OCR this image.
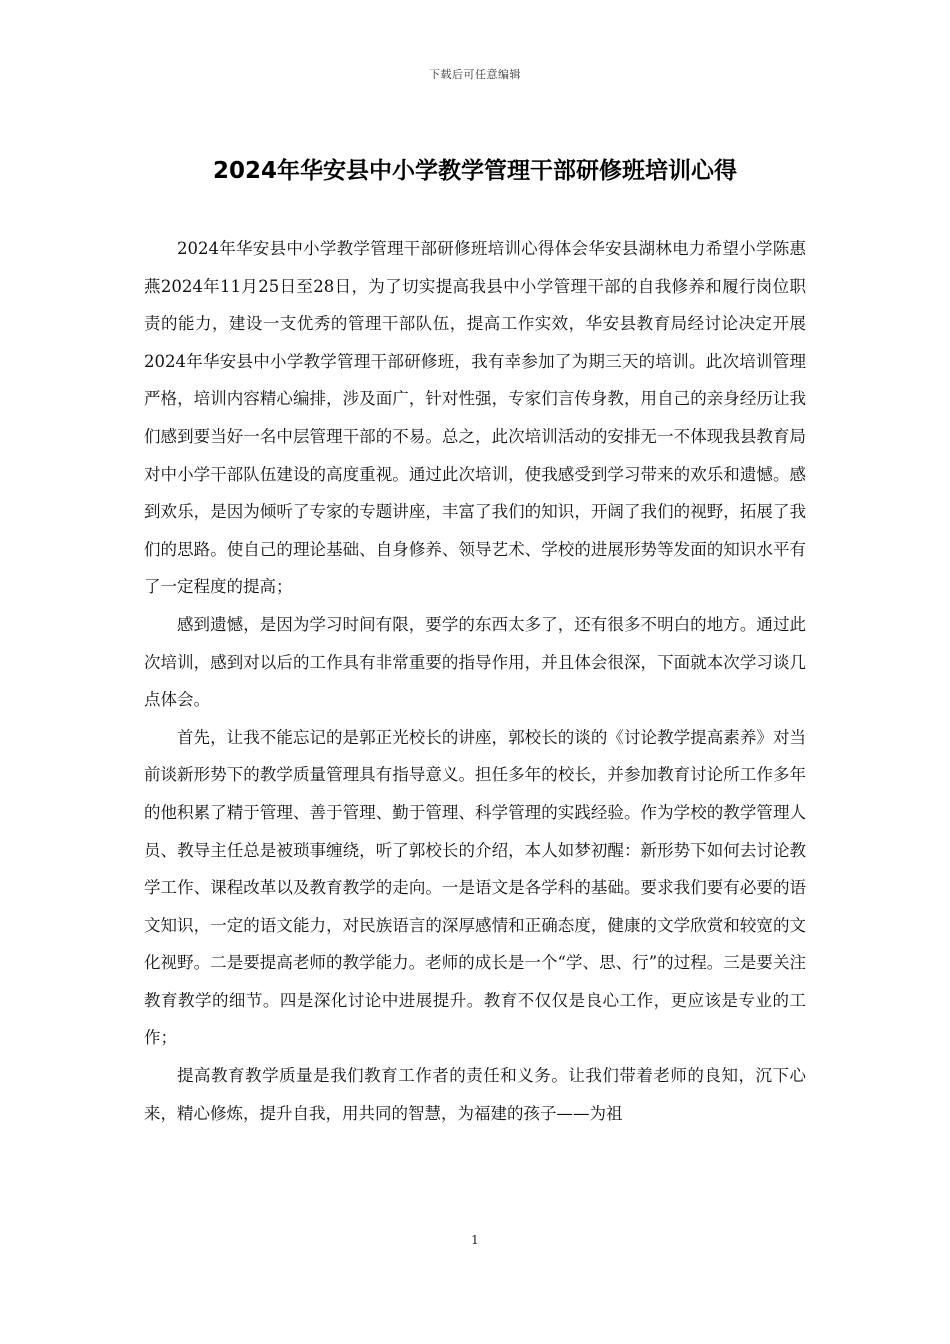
下载后可任意编辑
2024年华安县中小学教学管理干部研修班培训心得

2024年华安县中小学教学管理干部研修班培训心得体会华安县湖林电力希望小学陈惠燕2024年11月25日至28日，为了切实提高我县中小学管理干部的自我修养和履行岗位职责的能力，建设一支优秀的管理干部队伍，提高工作实效，华安县教育局经讨论决定开展2024年华安县中小学教学管理干部研修班，我有幸参加了为期三天的培训。此次培训管理严格，培训内容精心编排，涉及面广，针对性强，专家们言传身教，用自己的亲身经历让我们感到要当好一名中层管理干部的不易。总之，此次培训活动的安排无一不体现我县教育局对中小学干部队伍建设的高度重视。通过此次培训，使我感受到学习带来的欢乐和遗憾。感到欢乐，是因为倾听了专家的专题讲座，丰富了我们的知识，开阔了我们的视野，拓展了我们的思路。使自己的理论基础、自身修养、领导艺术、学校的进展形势等发面的知识水平有了一定程度的提高；

感到遗憾，是因为学习时间有限，要学的东西太多了，还有很多不明白的地方。通过此次培训，感到对以后的工作具有非常重要的指导作用，并且体会很深，下面就本次学习谈几点体会。

首先，让我不能忘记的是郭正光校长的讲座，郭校长的谈的《讨论教学提高素养》对当前谈新形势下的教学质量管理具有指导意义。担任多年的校长，并参加教育讨论所工作多年的他积累了精于管理、善于管理、勤于管理、科学管理的实践经验。作为学校的教学管理人员、教导主任总是被琐事缠绕，听了郭校长的介绍，本人如梦初醒：新形势下如何去讨论教学工作、课程改革以及教育教学的走向。一是语文是各学科的基础。要求我们要有必要的语文知识，一定的语文能力，对民族语言的深厚感情和正确态度，健康的文学欣赏和较宽的文化视野。二是要提高老师的教学能力。老师的成长是一个“学、思、行”的过程。三是要关注教育教学的细节。四是深化讨论中进展提升。教育不仅仅是良心工作，更应该是专业的工作；

提高教育教学质量是我们教育工作者的责任和义务。让我们带着老师的良知，沉下心来，精心修炼，提升自我，用共同的智慧，为福建的孩子——为祖

1
